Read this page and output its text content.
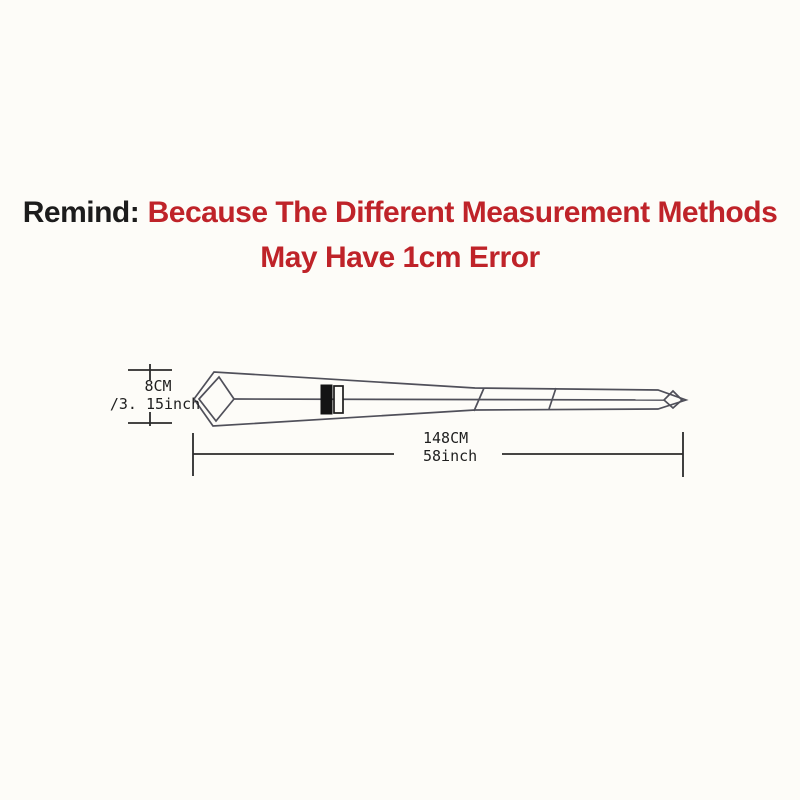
Remind: Because The Different Measurement Methods
May Have 1cm Error
8CM
/3. 15inch
148CM
58inch
